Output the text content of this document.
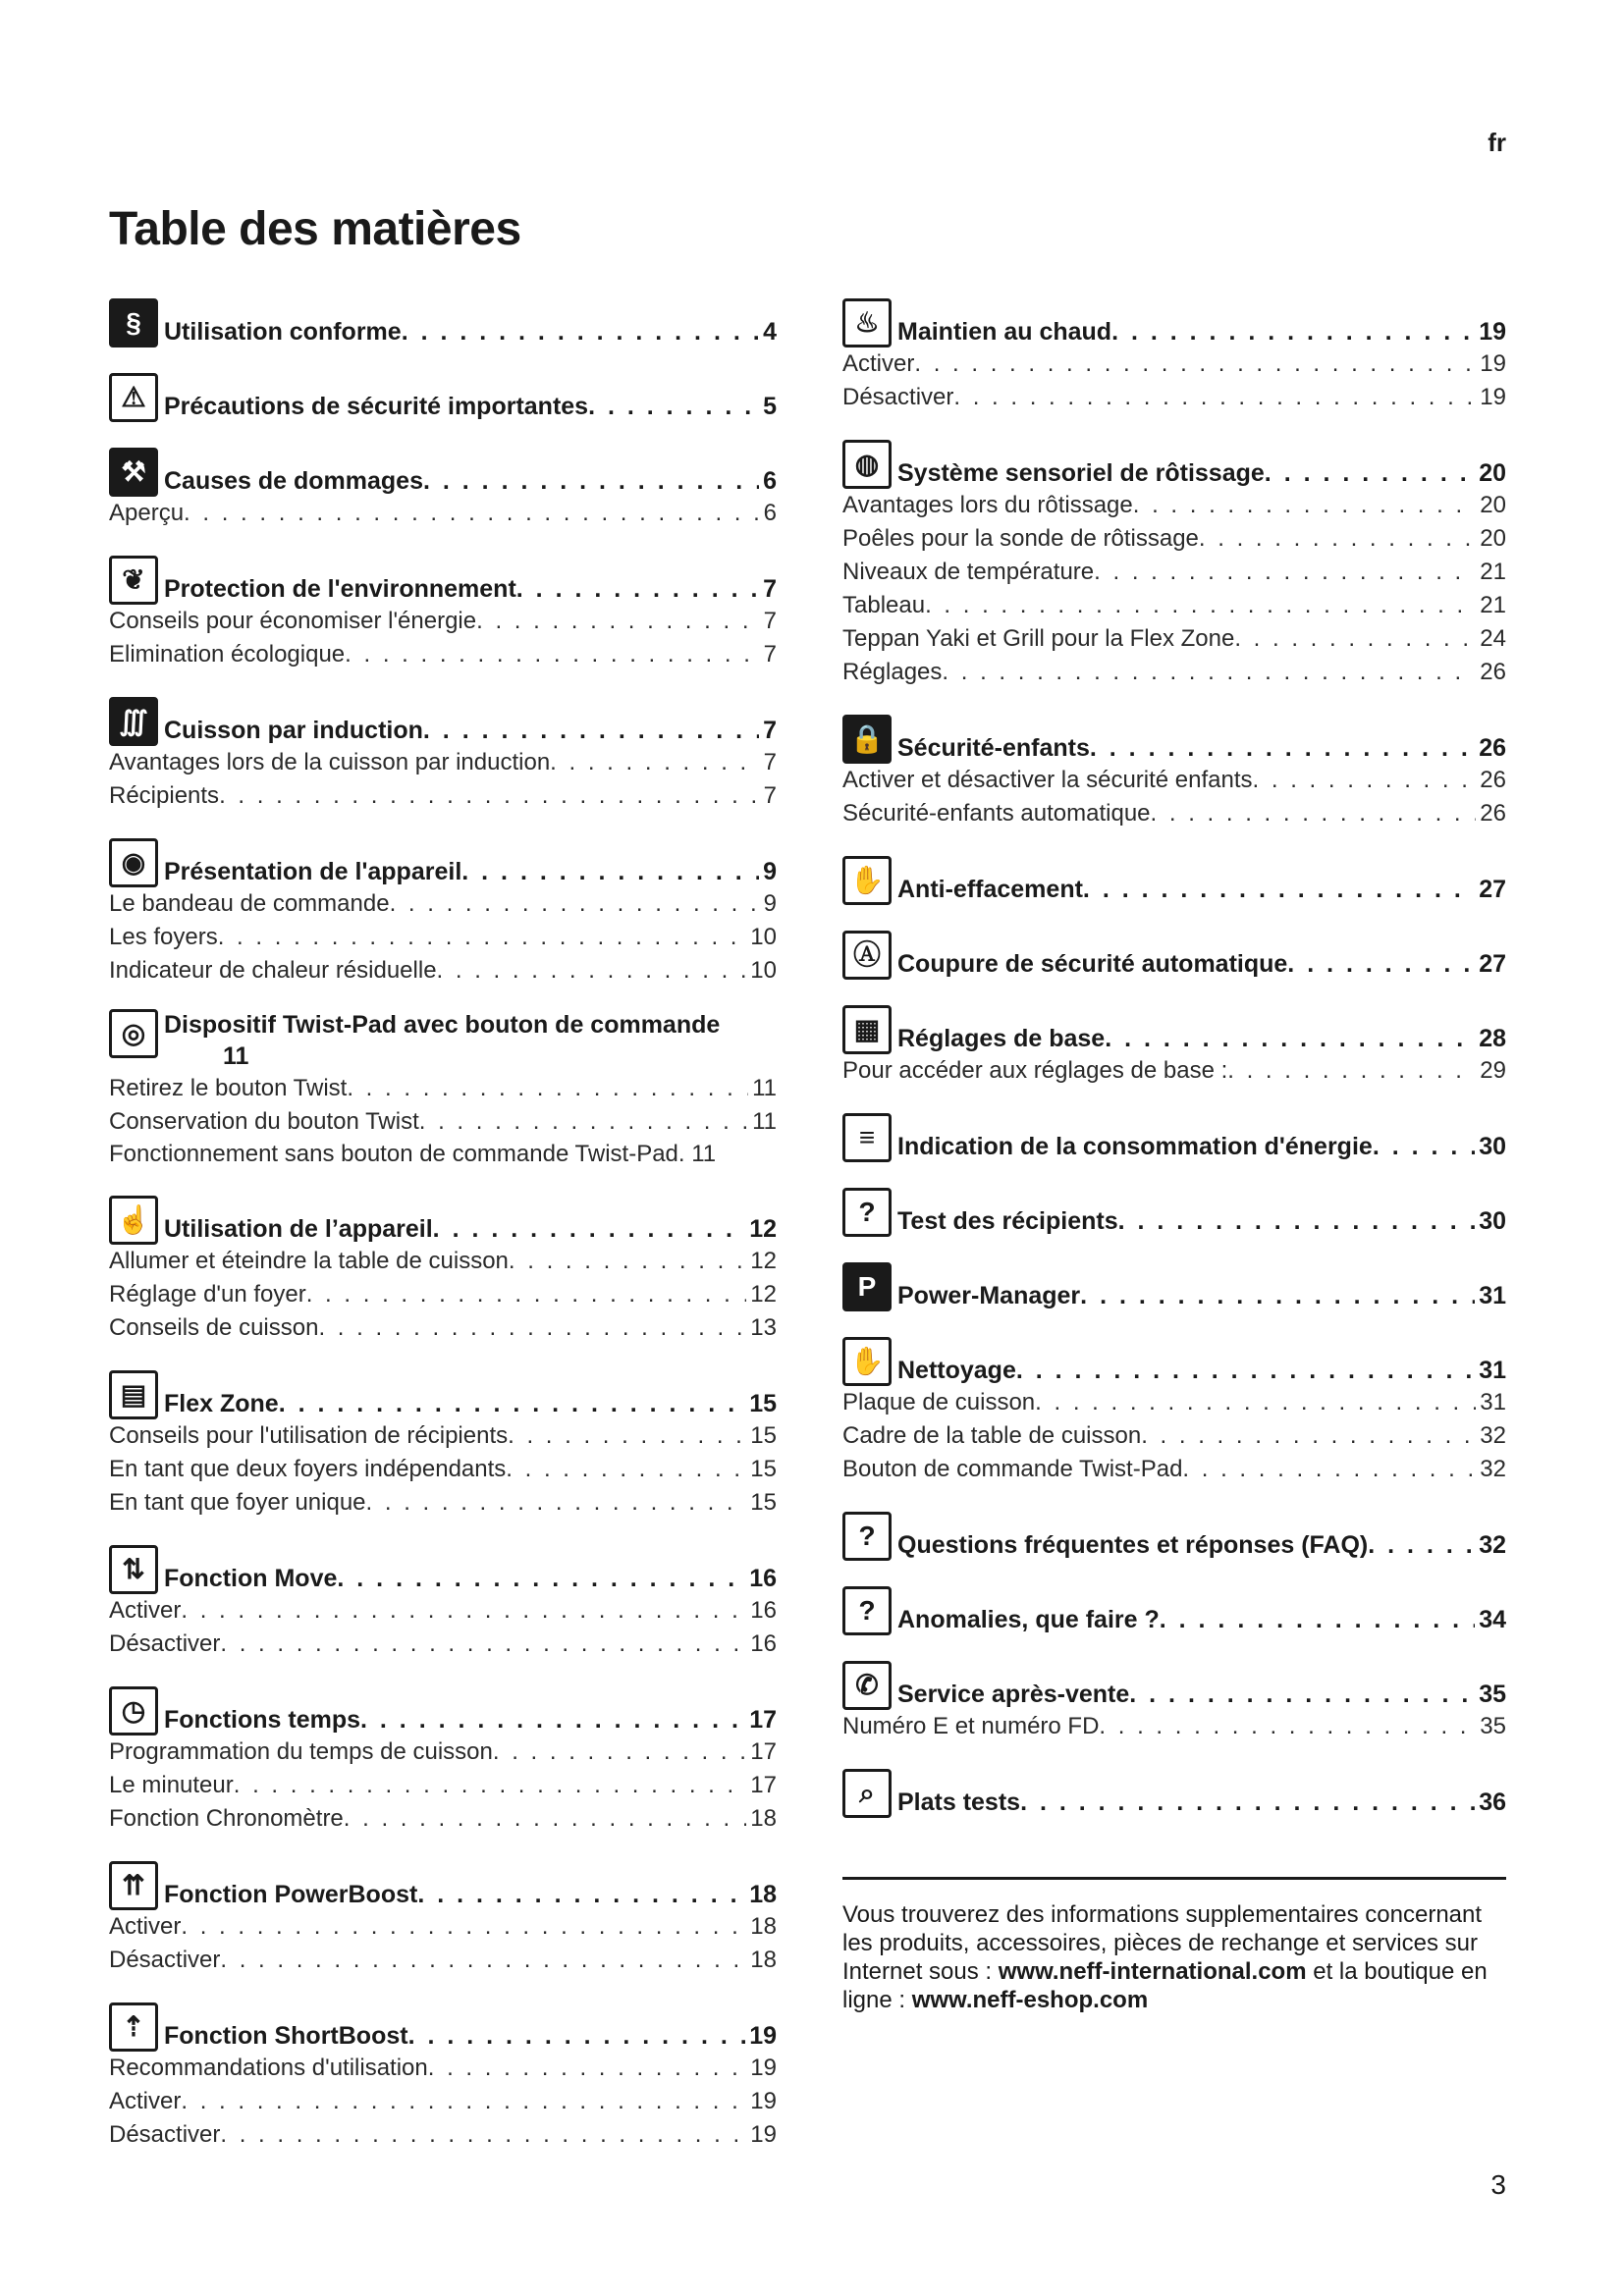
fr
Table des matières
§ Utilisation conforme . . .	4
⚠ Précautions de sécurité importantes . . .	5
⚒ Causes de dommages . . .	6
Aperçu . . .	6
❦ Protection de l'environnement . . .	7
Conseils pour économiser l'énergie . . .	7
Elimination écologique . . .	7
∭ Cuisson par induction . . .	7
Avantages lors de la cuisson par induction . . .	7
Récipients . . .	7
◉ Présentation de l'appareil . . .	9
Le bandeau de commande . . .	9
Les foyers . . .	10
Indicateur de chaleur résiduelle . . .	10
◎ Dispositif Twist-Pad avec bouton de commande
11
Retirez le bouton Twist . . .	11
Conservation du bouton Twist . . .	11
Fonctionnement sans bouton de commande Twist-Pad. 11
☝ Utilisation de l’appareil . . .	12
Allumer et éteindre la table de cuisson . . .	12
Réglage d'un foyer . . .	12
Conseils de cuisson . . .	13
▤ Flex Zone . . .	15
Conseils pour l'utilisation de récipients . . .	15
En tant que deux foyers indépendants . . .	15
En tant que foyer unique . . .	15
⇅ Fonction Move . . .	16
Activer . . .	16
Désactiver . . .	16
◷ Fonctions temps . . .	17
Programmation du temps de cuisson . . .	17
Le minuteur . . .	17
Fonction Chronomètre . . .	18
⇈ Fonction PowerBoost . . .	18
Activer . . .	18
Désactiver . . .	18
⇡ Fonction ShortBoost . . .	19
Recommandations d'utilisation . . .	19
Activer . . .	19
Désactiver . . .	19
♨ Maintien au chaud . . .	19
Activer . . .	19
Désactiver . . .	19
◍ Système sensoriel de rôtissage . . .	20
Avantages lors du rôtissage . . .	20
Poêles pour la sonde de rôtissage . . .	20
Niveaux de température . . .	21
Tableau . . .	21
Teppan Yaki et Grill pour la Flex Zone . . .	24
Réglages . . .	26
🔒 Sécurité-enfants . . .	26
Activer et désactiver la sécurité enfants . . .	26
Sécurité-enfants automatique . . .	26
✋ Anti-effacement . . .	27
Ⓐ Coupure de sécurité automatique . . .	27
▦ Réglages de base . . .	28
Pour accéder aux réglages de base : . . .	29
≡ Indication de la consommation d'énergie . . .	30
? Test des récipients . . .	30
P Power-Manager . . .	31
✋ Nettoyage . . .	31
Plaque de cuisson . . .	31
Cadre de la table de cuisson . . .	32
Bouton de commande Twist-Pad . . .	32
? Questions fréquentes et réponses (FAQ) . . .	32
? Anomalies, que faire ? . . .	34
✆ Service après-vente . . .	35
Numéro E et numéro FD . . .	35
⌕ Plats tests . . .	36
Vous trouverez des informations supplementaires concernant les produits, accessoires, pièces de rechange et services sur Internet sous : www.neff-international.com et la boutique en ligne : www.neff-eshop.com
3
